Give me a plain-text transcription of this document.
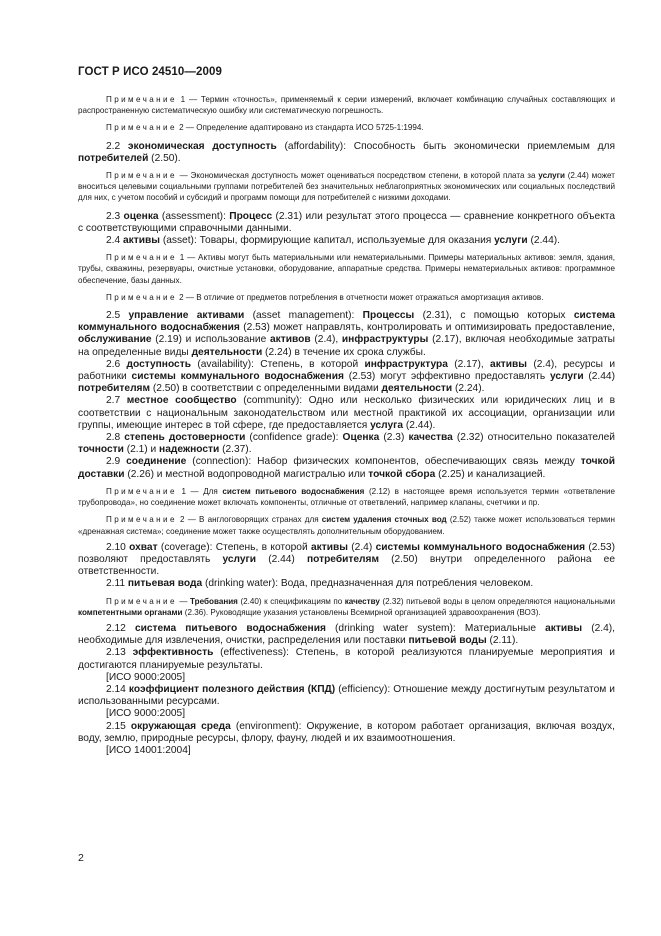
ГОСТ Р ИСО 24510—2009

Примечание 1 — Термин «точность», применяемый к серии измерений, включает комбинацию случайных составляющих и распространенную систематическую ошибку или систематическую погрешность.

Примечание 2 — Определение адаптировано из стандарта ИСО 5725-1:1994.

2.2 экономическая доступность (affordability): Способность быть экономически приемлемым для потребителей (2.50).

Примечание — Экономическая доступность может оцениваться посредством степени, в которой плата за услуги (2.44) может вноситься целевыми социальными группами потребителей без значительных неблагоприятных экономических или социальных последствий для них, с учетом пособий и субсидий и программ помощи для потребителей с низкими доходами.

2.3 оценка (assessment): Процесс (2.31) или результат этого процесса — сравнение конкретного объекта с соответствующими справочными данными.

2.4 активы (asset): Товары, формирующие капитал, используемые для оказания услуги (2.44).

Примечание 1 — Активы могут быть материальными или нематериальными. Примеры материальных активов: земля, здания, трубы, скважины, резервуары, очистные установки, оборудование, аппаратные средства. Примеры нематериальных активов: программное обеспечение, базы данных.

Примечание 2 — В отличие от предметов потребления в отчетности может отражаться амортизация активов.

2.5 управление активами (asset management): Процессы (2.31), с помощью которых система коммунального водоснабжения (2.53) может направлять, контролировать и оптимизировать предоставление, обслуживание (2.19) и использование активов (2.4), инфраструктуры (2.17), включая необходимые затраты на определенные виды деятельности (2.24) в течение их срока службы.

2.6 доступность (availability): Степень, в которой инфраструктура (2.17), активы (2.4), ресурсы и работники системы коммунального водоснабжения (2.53) могут эффективно предоставлять услуги (2.44) потребителям (2.50) в соответствии с определенными видами деятельности (2.24).

2.7 местное сообщество (community): Одно или несколько физических или юридических лиц и в соответствии с национальным законодательством или местной практикой их ассоциации, организации или группы, имеющие интерес в той сфере, где предоставляется услуга (2.44).

2.8 степень достоверности (confidence grade): Оценка (2.3) качества (2.32) относительно показателей точности (2.1) и надежности (2.37).

2.9 соединение (connection): Набор физических компонентов, обеспечивающих связь между точкой доставки (2.26) и местной водопроводной магистралью или точкой сбора (2.25) и канализацией.

Примечание 1 — Для систем питьевого водоснабжения (2.12) в настоящее время используется термин «ответвление трубопровода», но соединение может включать компоненты, отличные от ответвлений, например клапаны, счетчики и пр.

Примечание 2 — В англоговорящих странах для систем удаления сточных вод (2.52) также может использоваться термин «дренажная система»; соединение может также осуществлять дополнительным оборудованием.

2.10 охват (coverage): Степень, в которой активы (2.4) системы коммунального водоснабжения (2.53) позволяют предоставлять услуги (2.44) потребителям (2.50) внутри определенного района ее ответственности.

2.11 питьевая вода (drinking water): Вода, предназначенная для потребления человеком.

Примечание — Требования (2.40) к спецификациям по качеству (2.32) питьевой воды в целом определяются национальными компетентными органами (2.36). Руководящие указания установлены Всемирной организацией здравоохранения (ВОЗ).

2.12 система питьевого водоснабжения (drinking water system): Материальные активы (2.4), необходимые для извлечения, очистки, распределения или поставки питьевой воды (2.11).

2.13 эффективность (effectiveness): Степень, в которой реализуются планируемые мероприятия и достигаются планируемые результаты.

[ИСО 9000:2005]

2.14 коэффициент полезного действия (КПД) (efficiency): Отношение между достигнутым результатом и использованными ресурсами.

[ИСО 9000:2005]

2.15 окружающая среда (environment): Окружение, в котором работает организация, включая воздух, воду, землю, природные ресурсы, флору, фауну, людей и их взаимоотношения.

[ИСО 14001:2004]

2
